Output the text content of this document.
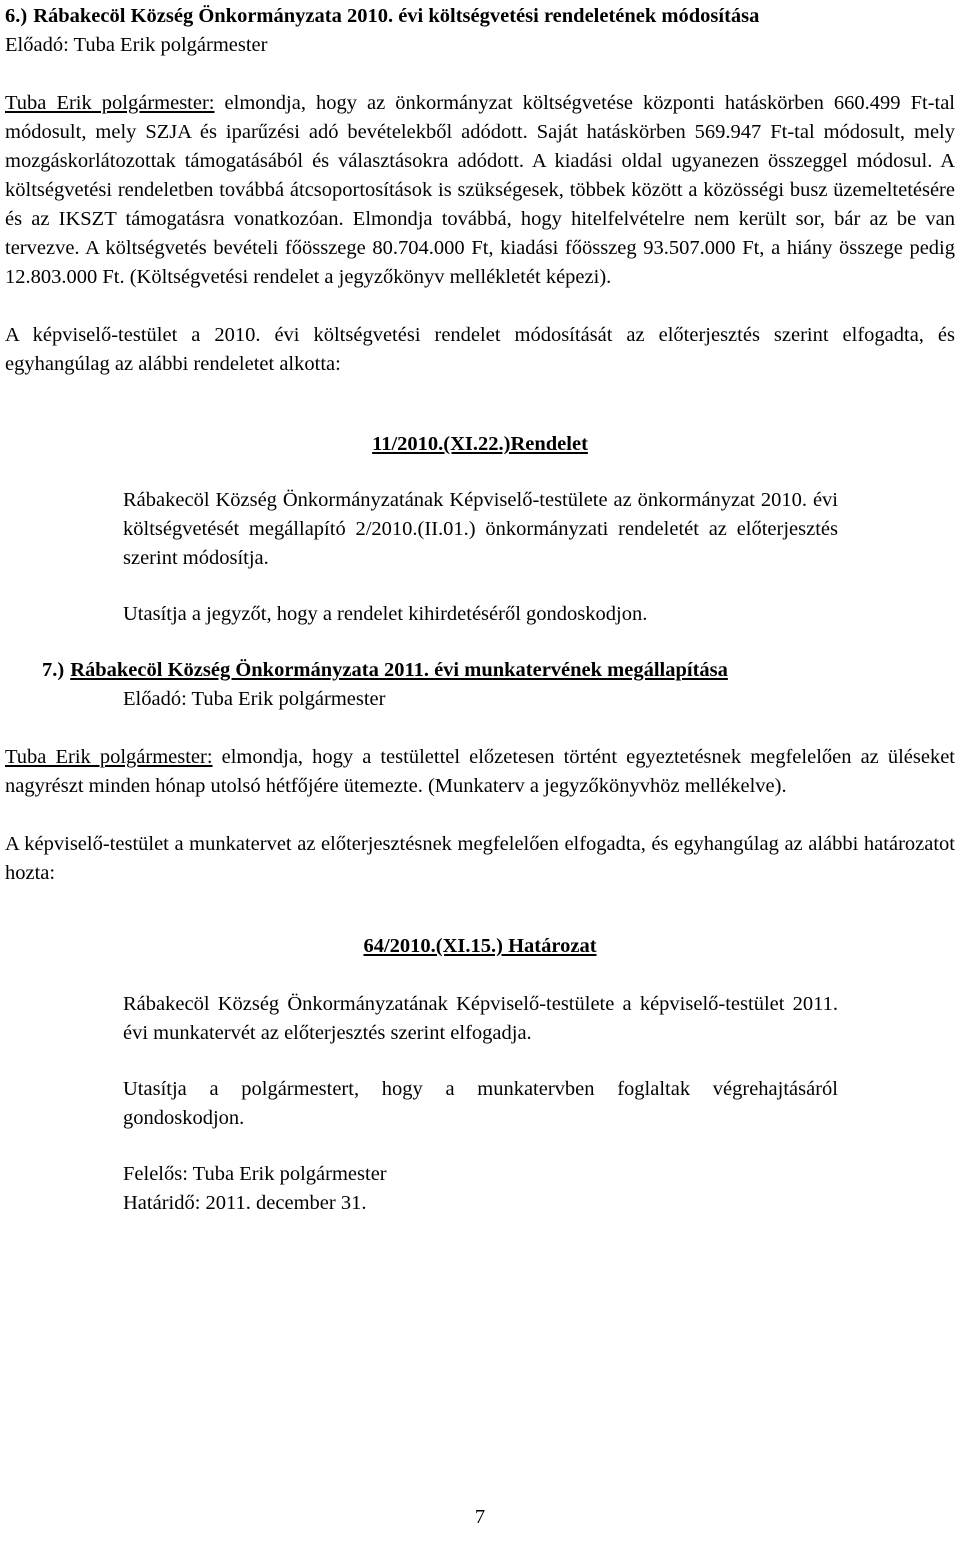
6.) Rábakecöl Község Önkormányzata 2010. évi költségvetési rendeletének módosítása

Előadó: Tuba Erik polgármester

Tuba Erik polgármester: elmondja, hogy az önkormányzat költségvetése központi hatáskörben 660.499 Ft-tal módosult, mely SZJA és iparűzési adó bevételekből adódott. Saját hatáskörben 569.947 Ft-tal módosult, mely mozgáskorlátozottak támogatásából és választásokra adódott. A kiadási oldal ugyanezen összeggel módosul. A költségvetési rendeletben továbbá átcsoportosítások is szükségesek, többek között a közösségi busz üzemeltetésére és az IKSZT támogatásra vonatkozóan. Elmondja továbbá, hogy hitelfelvételre nem került sor, bár az be van tervezve. A költségvetés bevételi főösszege 80.704.000 Ft, kiadási főösszeg 93.507.000 Ft, a hiány összege pedig 12.803.000 Ft. (Költségvetési rendelet a jegyzőkönyv mellékletét képezi).

A képviselő-testület a 2010. évi költségvetési rendelet módosítását az előterjesztés szerint elfogadta, és egyhangúlag az alábbi rendeletet alkotta:

11/2010.(XI.22.)Rendelet

Rábakecöl Község Önkormányzatának Képviselő-testülete az önkormányzat 2010. évi költségvetését megállapító 2/2010.(II.01.) önkormányzati rendeletét az előterjesztés szerint módosítja.

Utasítja a jegyzőt, hogy a rendelet kihirdetéséről gondoskodjon.

7.) Rábakecöl Község Önkormányzata 2011. évi munkatervének megállapítása

Előadó: Tuba Erik polgármester

Tuba Erik polgármester: elmondja, hogy a testülettel előzetesen történt egyeztetésnek megfelelően az üléseket nagyrészt minden hónap utolsó hétfőjére ütemezte. (Munkaterv a jegyzőkönyvhöz mellékelve).

A képviselő-testület a munkatervet az előterjesztésnek megfelelően elfogadta, és egyhangúlag az alábbi határozatot hozta:

64/2010.(XI.15.) Határozat

Rábakecöl Község Önkormányzatának Képviselő-testülete a képviselő-testület 2011. évi munkatervét az előterjesztés szerint elfogadja.

Utasítja a polgármestert, hogy a munkatervben foglaltak végrehajtásáról gondoskodjon.

Felelős: Tuba Erik polgármester

Határidő: 2011. december 31.

7
